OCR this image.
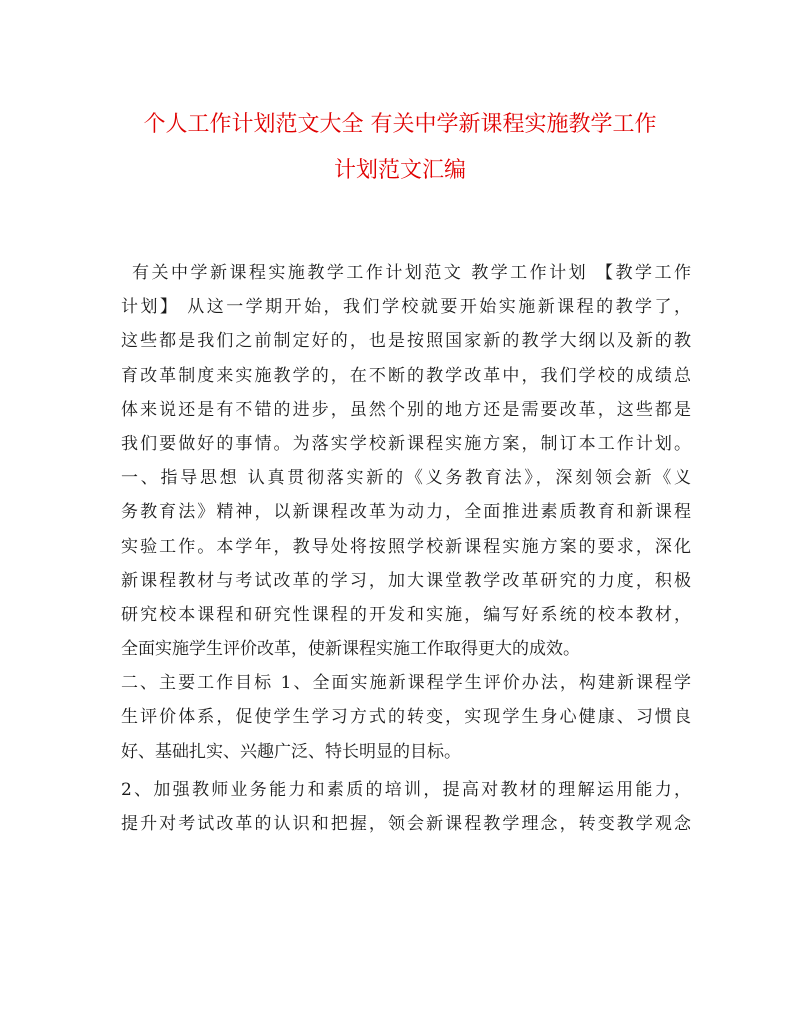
个人工作计划范文大全 有关中学新课程实施教学工作
计划范文汇编
有关中学新课程实施教学工作计划范文 教学工作计划 【教学工作
计划】 从这一学期开始，我们学校就要开始实施新课程的教学了，
这些都是我们之前制定好的，也是按照国家新的教学大纲以及新的教
育改革制度来实施教学的，在不断的教学改革中，我们学校的成绩总
体来说还是有不错的进步，虽然个别的地方还是需要改革，这些都是
我们要做好的事情。为落实学校新课程实施方案，制订本工作计划。
一、指导思想 认真贯彻落实新的《义务教育法》，深刻领会新《义
务教育法》精神，以新课程改革为动力，全面推进素质教育和新课程
实验工作。本学年，教导处将按照学校新课程实施方案的要求，深化
新课程教材与考试改革的学习，加大课堂教学改革研究的力度，积极
研究校本课程和研究性课程的开发和实施，编写好系统的校本教材，
全面实施学生评价改革，使新课程实施工作取得更大的成效。
二、主要工作目标 1、全面实施新课程学生评价办法，构建新课程学
生评价体系，促使学生学习方式的转变，实现学生身心健康、习惯良
好、基础扎实、兴趣广泛、特长明显的目标。
2、加强教师业务能力和素质的培训，提高对教材的理解运用能力，
提升对考试改革的认识和把握，领会新课程教学理念，转变教学观念
